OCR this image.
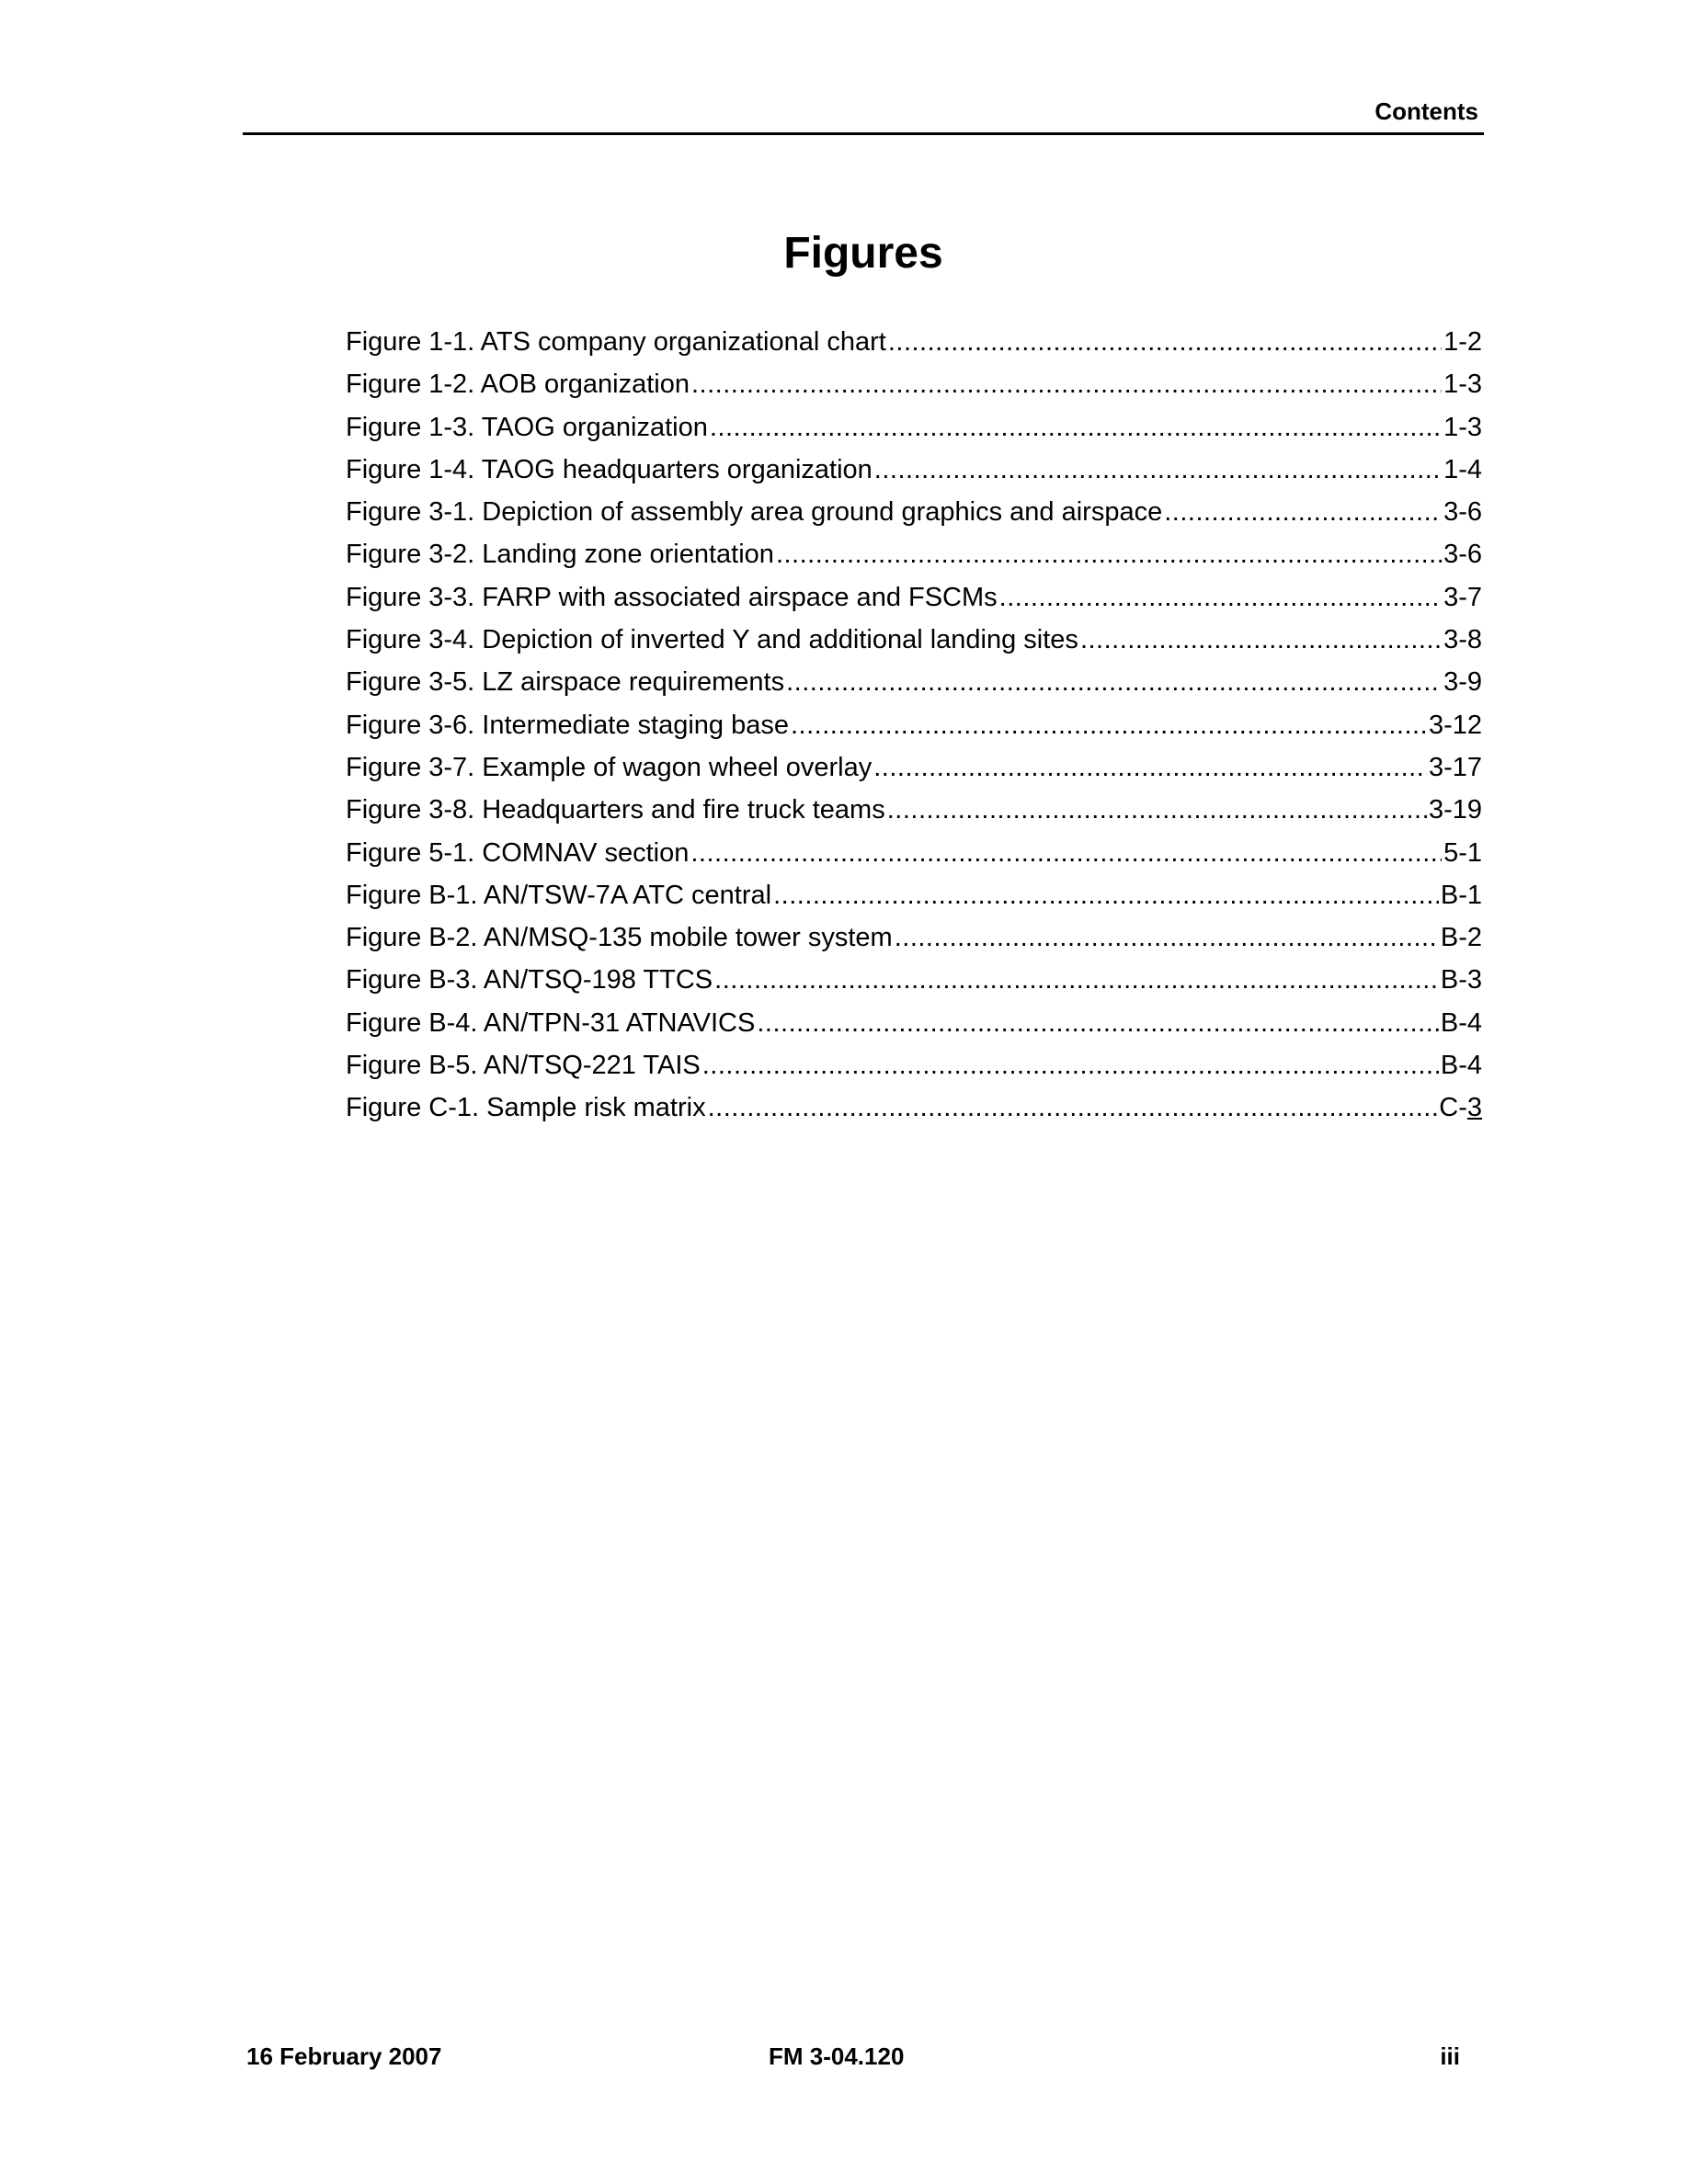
Contents
Figures
Figure 1-1. ATS company organizational chart .....	1-2
Figure 1-2. AOB organization .....	1-3
Figure 1-3. TAOG organization .....	1-3
Figure 1-4. TAOG headquarters organization .....	1-4
Figure 3-1. Depiction of assembly area ground graphics and airspace .....	3-6
Figure 3-2. Landing zone orientation .....	3-6
Figure 3-3. FARP with associated airspace and FSCMs .....	3-7
Figure 3-4. Depiction of inverted Y and additional landing sites .....	3-8
Figure 3-5. LZ airspace requirements .....	3-9
Figure 3-6. Intermediate staging base .....	3-12
Figure 3-7. Example of wagon wheel overlay .....	3-17
Figure 3-8. Headquarters and fire truck teams .....	3-19
Figure 5-1. COMNAV section .....	5-1
Figure B-1. AN/TSW-7A ATC central .....	B-1
Figure B-2. AN/MSQ-135 mobile tower system .....	B-2
Figure B-3. AN/TSQ-198 TTCS .....	B-3
Figure B-4. AN/TPN-31 ATNAVICS .....	B-4
Figure B-5. AN/TSQ-221 TAIS .....	B-4
Figure C-1. Sample risk matrix .....	C-3
16 February 2007	FM 3-04.120	iii
